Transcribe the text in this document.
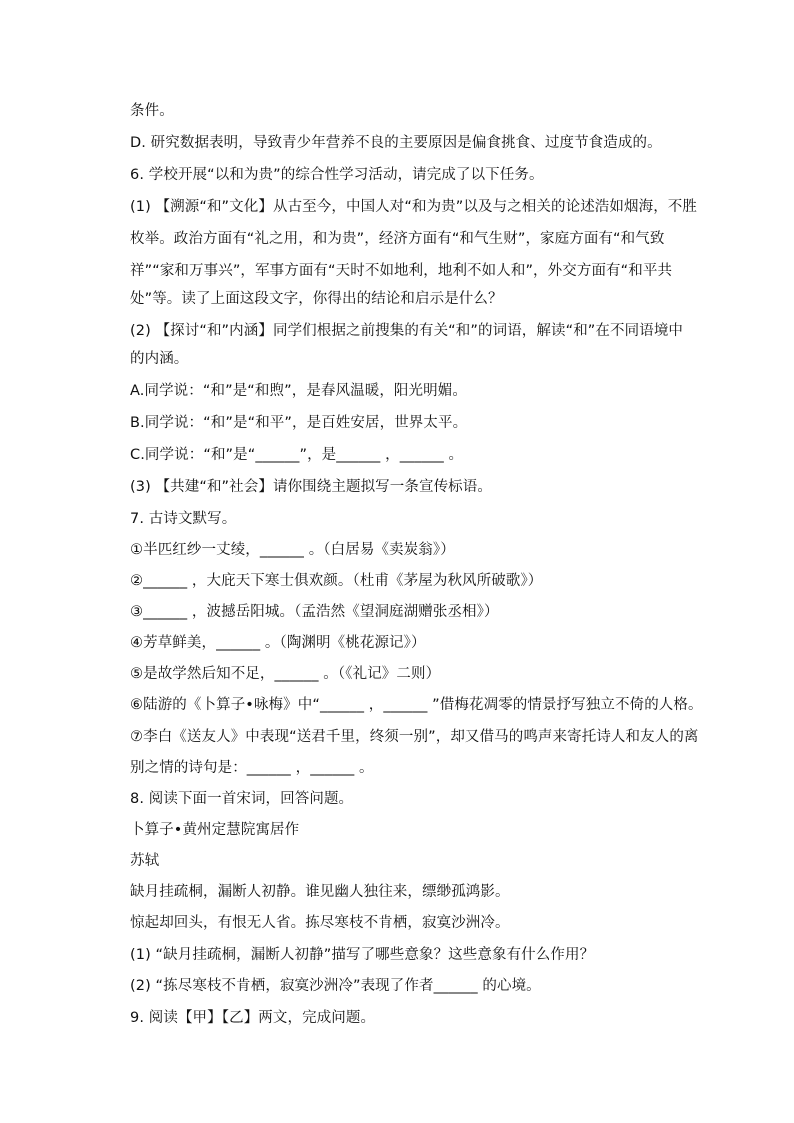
条件。
D. 研究数据表明，导致青少年营养不良的主要原因是偏食挑食、过度节食造成的。
6. 学校开展“以和为贵”的综合性学习活动，请完成了以下任务。
(1) 【溯源“和”文化】从古至今，中国人对“和为贵”以及与之相关的论述浩如烟海，不胜
枚举。政治方面有“礼之用，和为贵”，经济方面有“和气生财”，家庭方面有“和气致
祥”“家和万事兴”，军事方面有“天时不如地利，地利不如人和”，外交方面有“和平共
处”等。读了上面这段文字，你得出的结论和启示是什么？
(2) 【探讨“和”内涵】同学们根据之前搜集的有关“和”的词语，解读“和”在不同语境中
的内涵。
A.同学说：“和”是“和煦”，是春风温暖，阳光明媚。
B.同学说：“和”是“和平”，是百姓安居，世界太平。
C.同学说：“和”是“______”，是______ ，______ 。
(3) 【共建“和”社会】请你围绕主题拟写一条宣传标语。
7. 古诗文默写。
①半匹红纱一丈绫，______ 。（白居易《卖炭翁》）
②______ ，大庇天下寒士俱欢颜。（杜甫《茅屋为秋风所破歌》）
③______ ，波撼岳阳城。（孟浩然《望洞庭湖赠张丞相》）
④芳草鲜美，______ 。（陶渊明《桃花源记》）
⑤是故学然后知不足，______ 。（《礼记》二则）
⑥陆游的《卜算子•咏梅》中“______ ，______ ”借梅花凋零的情景抒写独立不倚的人格。
⑦李白《送友人》中表现“送君千里，终须一别”，却又借马的鸣声来寄托诗人和友人的离
别之情的诗句是：______ ，______ 。
8. 阅读下面一首宋词，回答问题。
卜算子•黄州定慧院寓居作
苏轼
缺月挂疏桐，漏断人初静。谁见幽人独往来，缥缈孤鸿影。
惊起却回头，有恨无人省。拣尽寒枝不肯栖，寂寞沙洲冷。
(1) “缺月挂疏桐，漏断人初静”描写了哪些意象？这些意象有什么作用？
(2) “拣尽寒枝不肯栖，寂寞沙洲冷”表现了作者______ 的心境。
9. 阅读【甲】【乙】两文，完成问题。
